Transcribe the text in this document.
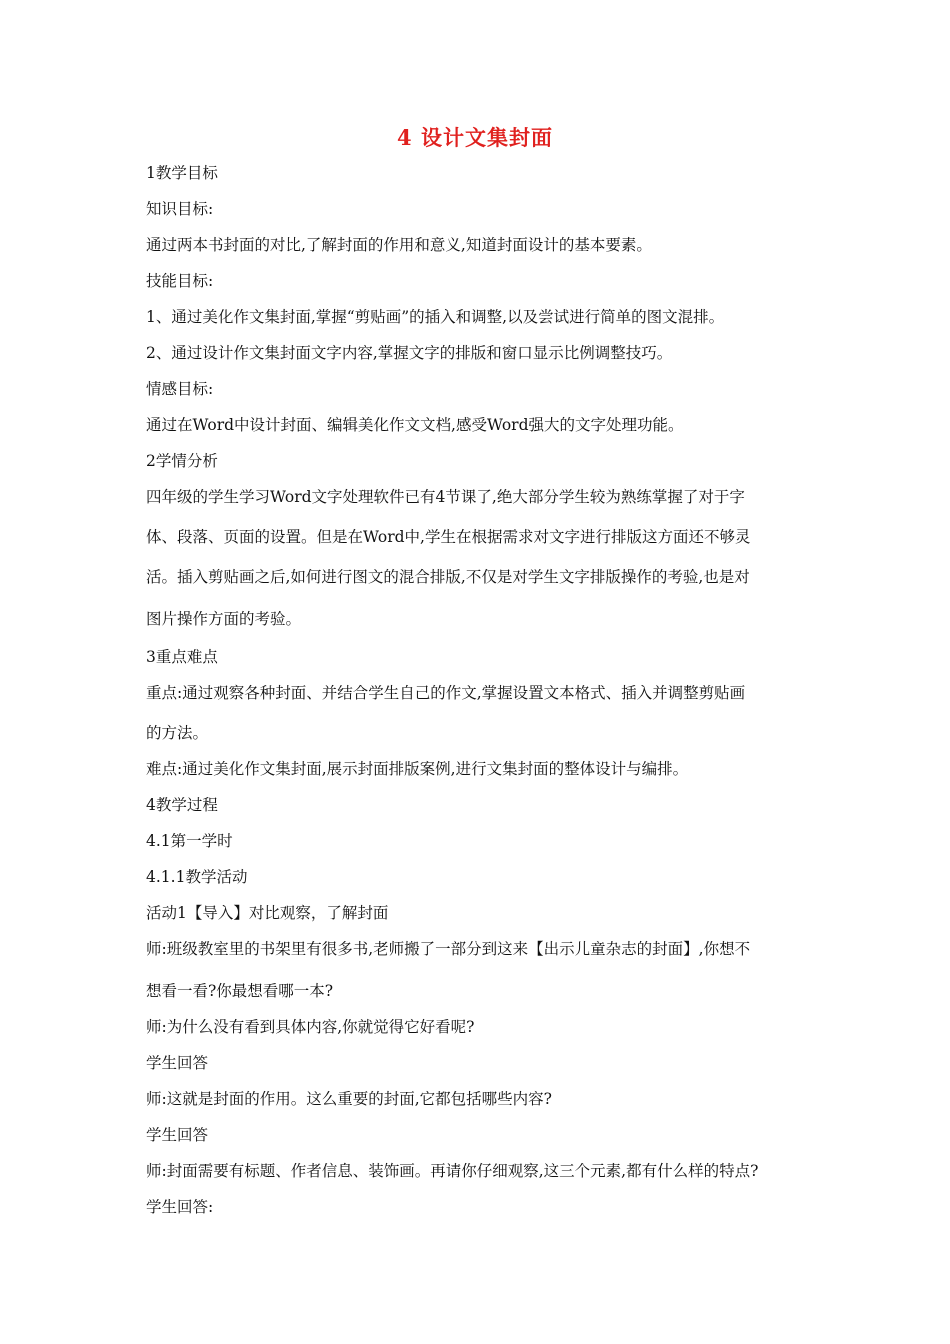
4 设计文集封面
1教学目标
知识目标:
通过两本书封面的对比,了解封面的作用和意义,知道封面设计的基本要素。
技能目标:
1、通过美化作文集封面,掌握“剪贴画”的插入和调整,以及尝试进行简单的图文混排。
2、通过设计作文集封面文字内容,掌握文字的排版和窗口显示比例调整技巧。
情感目标:
通过在Word中设计封面、编辑美化作文文档,感受Word强大的文字处理功能。
2学情分析
四年级的学生学习Word文字处理软件已有4节课了,绝大部分学生较为熟练掌握了对于字
体、段落、页面的设置。但是在Word中,学生在根据需求对文字进行排版这方面还不够灵
活。插入剪贴画之后,如何进行图文的混合排版,不仅是对学生文字排版操作的考验,也是对
图片操作方面的考验。
3重点难点
重点:通过观察各种封面、并结合学生自己的作文,掌握设置文本格式、插入并调整剪贴画
的方法。
难点:通过美化作文集封面,展示封面排版案例,进行文集封面的整体设计与编排。
4教学过程
4.1第一学时
4.1.1教学活动
活动1【导入】对比观察，了解封面
师:班级教室里的书架里有很多书,老师搬了一部分到这来【出示儿童杂志的封面】,你想不
想看一看?你最想看哪一本?
师:为什么没有看到具体内容,你就觉得它好看呢?
学生回答
师:这就是封面的作用。这么重要的封面,它都包括哪些内容?
学生回答
师:封面需要有标题、作者信息、装饰画。再请你仔细观察,这三个元素,都有什么样的特点?
学生回答:
